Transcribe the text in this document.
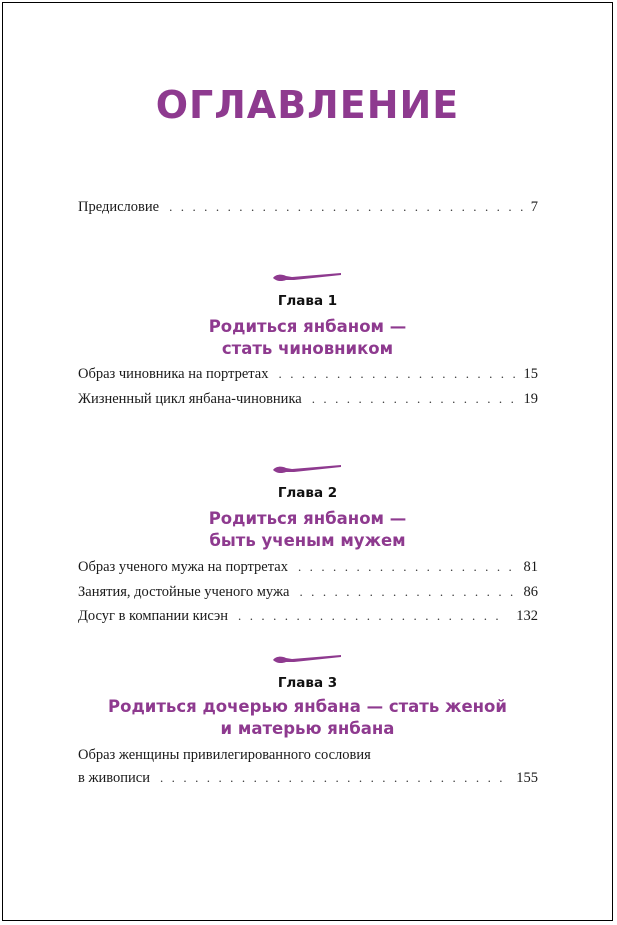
ОГЛАВЛЕНИЕ
Предисловие . . .	7
Глава 1
Родиться янбаном —
стать чиновником
Образ чиновника на портретах . . .	15
Жизненный цикл янбана-чиновника . . .	19
Глава 2
Родиться янбаном —
быть ученым мужем
Образ ученого мужа на портретах . . .	81
Занятия, достойные ученого мужа . . .	86
Досуг в компании кисэн . . .	132
Глава 3
Родиться дочерью янбана — стать женой
и матерью янбана
Образ женщины привилегированного сословия
в живописи . . .	155
